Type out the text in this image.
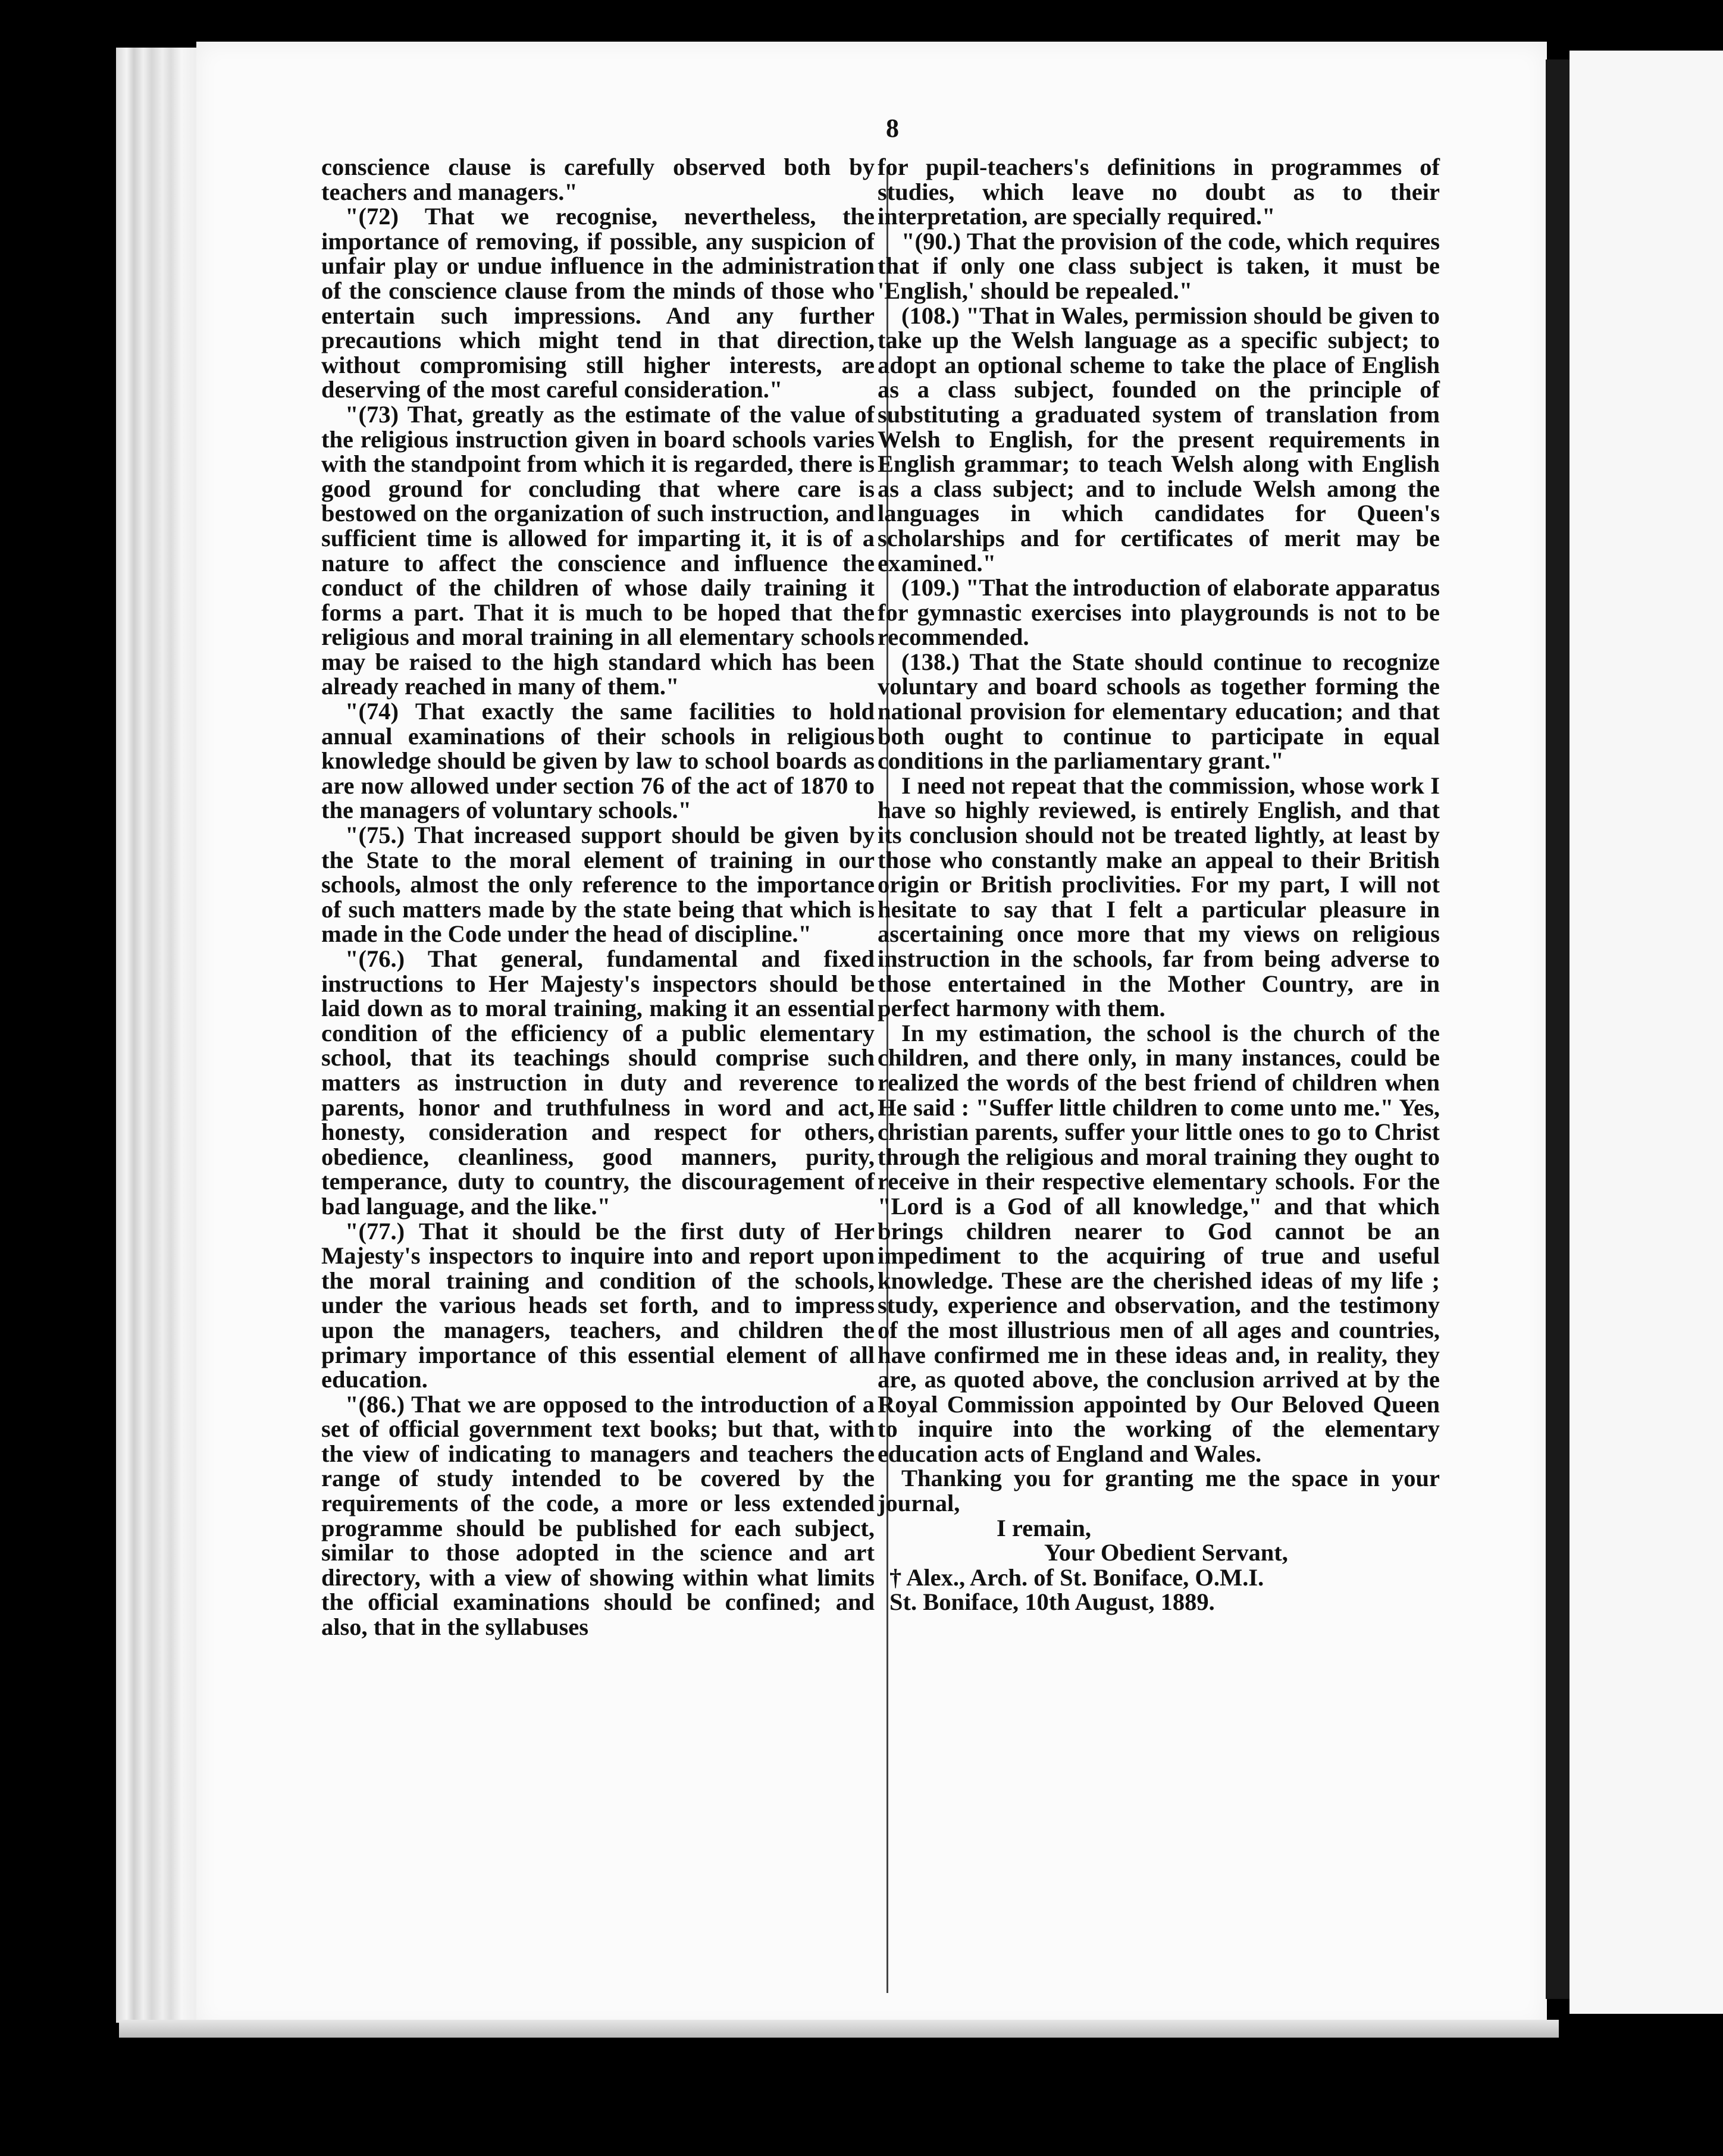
8

conscience clause is carefully observed both by teachers and managers."

"(72) That we recognise, nevertheless, the importance of removing, if possible, any suspicion of unfair play or undue influence in the administration of the conscience clause from the minds of those who entertain such impressions. And any further precautions which might tend in that direction, without compromising still higher interests, are deserving of the most careful consideration."

"(73) That, greatly as the estimate of the value of the religious instruction given in board schools varies with the standpoint from which it is regarded, there is good ground for concluding that where care is bestowed on the organization of such instruction, and sufficient time is allowed for imparting it, it is of a nature to affect the conscience and influence the conduct of the children of whose daily training it forms a part. That it is much to be hoped that the religious and moral training in all elementary schools may be raised to the high standard which has been already reached in many of them."

"(74) That exactly the same facilities to hold annual examinations of their schools in religious knowledge should be given by law to school boards as are now allowed under section 76 of the act of 1870 to the managers of voluntary schools."

"(75.) That increased support should be given by the State to the moral element of training in our schools, almost the only reference to the importance of such matters made by the state being that which is made in the Code under the head of discipline."

"(76.) That general, fundamental and fixed instructions to Her Majesty's inspectors should be laid down as to moral training, making it an essential condition of the efficiency of a public elementary school, that its teachings should comprise such matters as instruction in duty and reverence to parents, honor and truthfulness in word and act, honesty, consideration and respect for others, obedience, cleanliness, good manners, purity, temperance, duty to country, the discouragement of bad language, and the like."

"(77.) That it should be the first duty of Her Majesty's inspectors to inquire into and report upon the moral training and condition of the schools, under the various heads set forth, and to impress upon the managers, teachers, and children the primary importance of this essential element of all education.

"(86.) That we are opposed to the introduction of a set of official government text books; but that, with the view of indicating to managers and teachers the range of study intended to be covered by the requirements of the code, a more or less extended programme should be published for each subject, similar to those adopted in the science and art directory, with a view of showing within what limits the official examinations should be confined; and also, that in the syllabuses

for pupil-teachers's definitions in programmes of studies, which leave no doubt as to their interpretation, are specially required."

"(90.) That the provision of the code, which requires that if only one class subject is taken, it must be 'English,' should be repealed."

(108.) "That in Wales, permission should be given to take up the Welsh language as a specific subject; to adopt an optional scheme to take the place of English as a class subject, founded on the principle of substituting a graduated system of translation from Welsh to English, for the present requirements in English grammar; to teach Welsh along with English as a class subject; and to include Welsh among the languages in which candidates for Queen's scholarships and for certificates of merit may be examined."

(109.) "That the introduction of elaborate apparatus for gymnastic exercises into playgrounds is not to be recommended.

(138.) That the State should continue to recognize voluntary and board schools as together forming the national provision for elementary education; and that both ought to continue to participate in equal conditions in the parliamentary grant."

I need not repeat that the commission, whose work I have so highly reviewed, is entirely English, and that its conclusion should not be treated lightly, at least by those who constantly make an appeal to their British origin or British proclivities. For my part, I will not hesitate to say that I felt a particular pleasure in ascertaining once more that my views on religious instruction in the schools, far from being adverse to those entertained in the Mother Country, are in perfect harmony with them.

In my estimation, the school is the church of the children, and there only, in many instances, could be realized the words of the best friend of children when He said : "Suffer little children to come unto me." Yes, christian parents, suffer your little ones to go to Christ through the religious and moral training they ought to receive in their respective elementary schools. For the "Lord is a God of all knowledge," and that which brings children nearer to God cannot be an impediment to the acquiring of true and useful knowledge. These are the cherished ideas of my life ; study, experience and observation, and the testimony of the most illustrious men of all ages and countries, have confirmed me in these ideas and, in reality, they are, as quoted above, the conclusion arrived at by the Royal Commission appointed by Our Beloved Queen to inquire into the working of the elementary education acts of England and Wales.

Thanking you for granting me the space in your journal,

I remain,

Your Obedient Servant,

† Alex., Arch. of St. Boniface, O.M.I.

St. Boniface, 10th August, 1889.
